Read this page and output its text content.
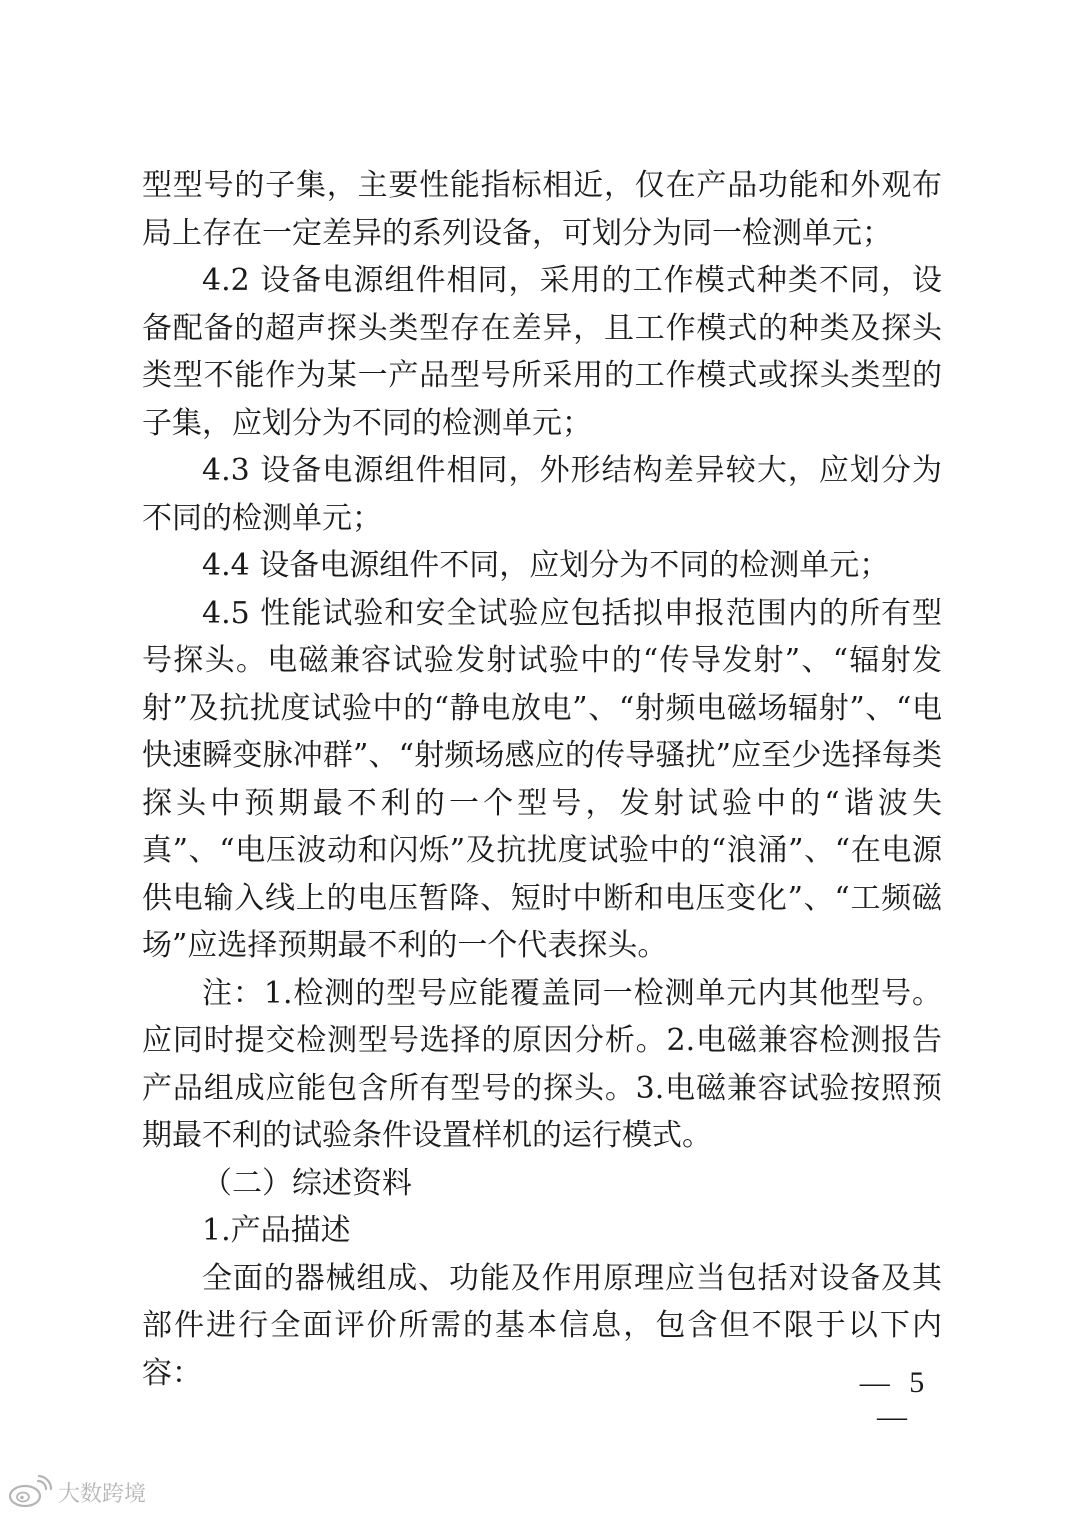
型型号的子集，主要性能指标相近，仅在产品功能和外观布局上存在一定差异的系列设备，可划分为同一检测单元；

4.2 设备电源组件相同，采用的工作模式种类不同，设备配备的超声探头类型存在差异，且工作模式的种类及探头类型不能作为某一产品型号所采用的工作模式或探头类型的子集，应划分为不同的检测单元；

4.3 设备电源组件相同，外形结构差异较大，应划分为不同的检测单元；

4.4 设备电源组件不同，应划分为不同的检测单元；

4.5 性能试验和安全试验应包括拟申报范围内的所有型号探头。电磁兼容试验发射试验中的“传导发射”、“辐射发射”及抗扰度试验中的“静电放电”、“射频电磁场辐射”、“电快速瞬变脉冲群”、“射频场感应的传导骚扰”应至少选择每类探头中预期最不利的一个型号，发射试验中的“谐波失真”、“电压波动和闪烁”及抗扰度试验中的“浪涌”、“在电源供电输入线上的电压暂降、短时中断和电压变化”、“工频磁场”应选择预期最不利的一个代表探头。

注：1.检测的型号应能覆盖同一检测单元内其他型号。应同时提交检测型号选择的原因分析。2.电磁兼容检测报告产品组成应能包含所有型号的探头。3.电磁兼容试验按照预期最不利的试验条件设置样机的运行模式。

（二）综述资料

1.产品描述

全面的器械组成、功能及作用原理应当包括对设备及其部件进行全面评价所需的基本信息，包含但不限于以下内容：	— 5 —
大数跨境
